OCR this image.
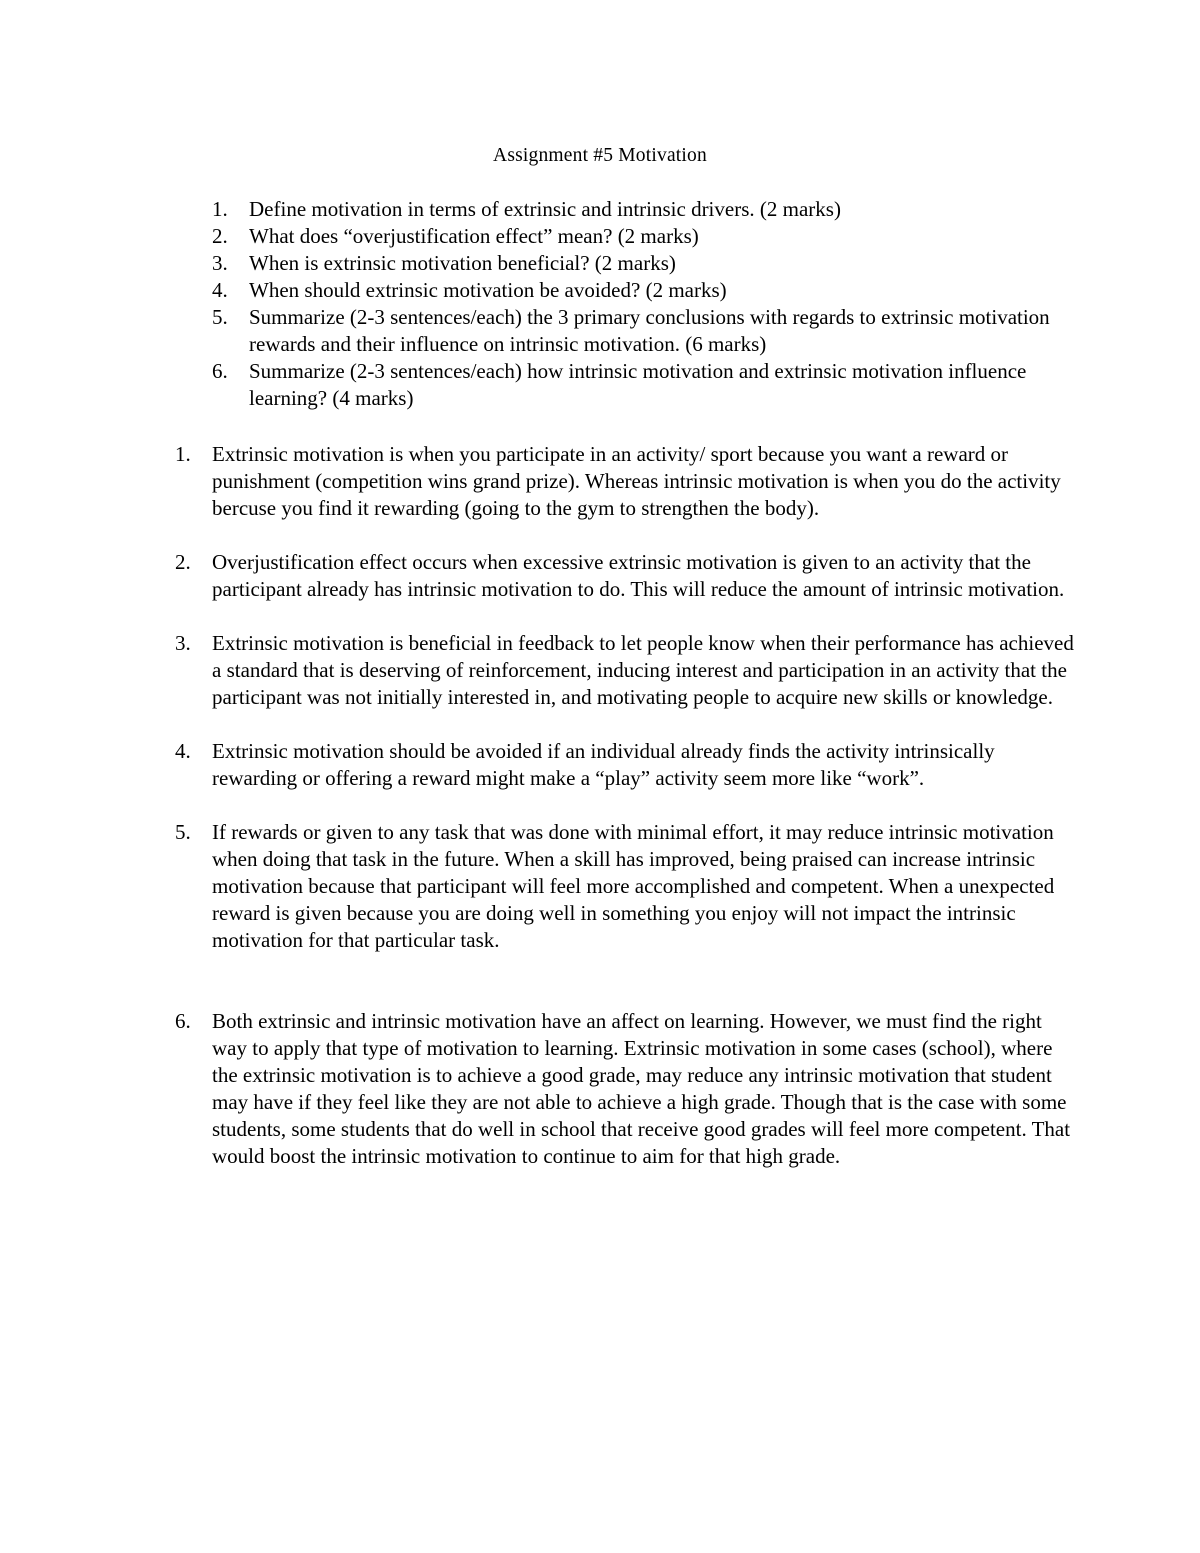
Assignment #5 Motivation
1.	Define motivation in terms of extrinsic and intrinsic drivers. (2 marks)
2.	What does “overjustification effect” mean? (2 marks)
3.	When is extrinsic motivation beneficial? (2 marks)
4.	When should extrinsic motivation be avoided? (2 marks)
5.	Summarize (2-3 sentences/each) the 3 primary conclusions with regards to extrinsic motivation rewards and their influence on intrinsic motivation. (6 marks)
6.	Summarize (2-3 sentences/each) how intrinsic motivation and extrinsic motivation influence learning? (4 marks)
1.	Extrinsic motivation is when you participate in an activity/ sport because you want a reward or punishment (competition wins grand prize). Whereas intrinsic motivation is when you do the activity bercuse you find it rewarding (going to the gym to strengthen the body).
2.	Overjustification effect occurs when excessive extrinsic motivation is given to an activity that the participant already has intrinsic motivation to do. This will reduce the amount of intrinsic motivation.
3.	Extrinsic motivation is beneficial in feedback to let people know when their performance has achieved a standard that is deserving of reinforcement, inducing interest and participation in an activity that the participant was not initially interested in, and motivating people to acquire new skills or knowledge.
4.	Extrinsic motivation should be avoided if an individual already finds the activity intrinsically rewarding or offering a reward might make a “play” activity seem more like “work”.
5.	If rewards or given to any task that was done with minimal effort, it may reduce intrinsic motivation when doing that task in the future. When a skill has improved, being praised can increase intrinsic motivation because that participant will feel more accomplished and competent. When a unexpected reward is given because you are doing well in something you enjoy will not impact the intrinsic motivation for that particular task.
6.	Both extrinsic and intrinsic motivation have an affect on learning. However, we must find the right way to apply that type of motivation to learning. Extrinsic motivation in some cases (school), where the extrinsic motivation is to achieve a good grade, may reduce any intrinsic motivation that student may have if they feel like they are not able to achieve a high grade. Though that is the case with some students, some students that do well in school that receive good grades will feel more competent. That would boost the intrinsic motivation to continue to aim for that high grade.
